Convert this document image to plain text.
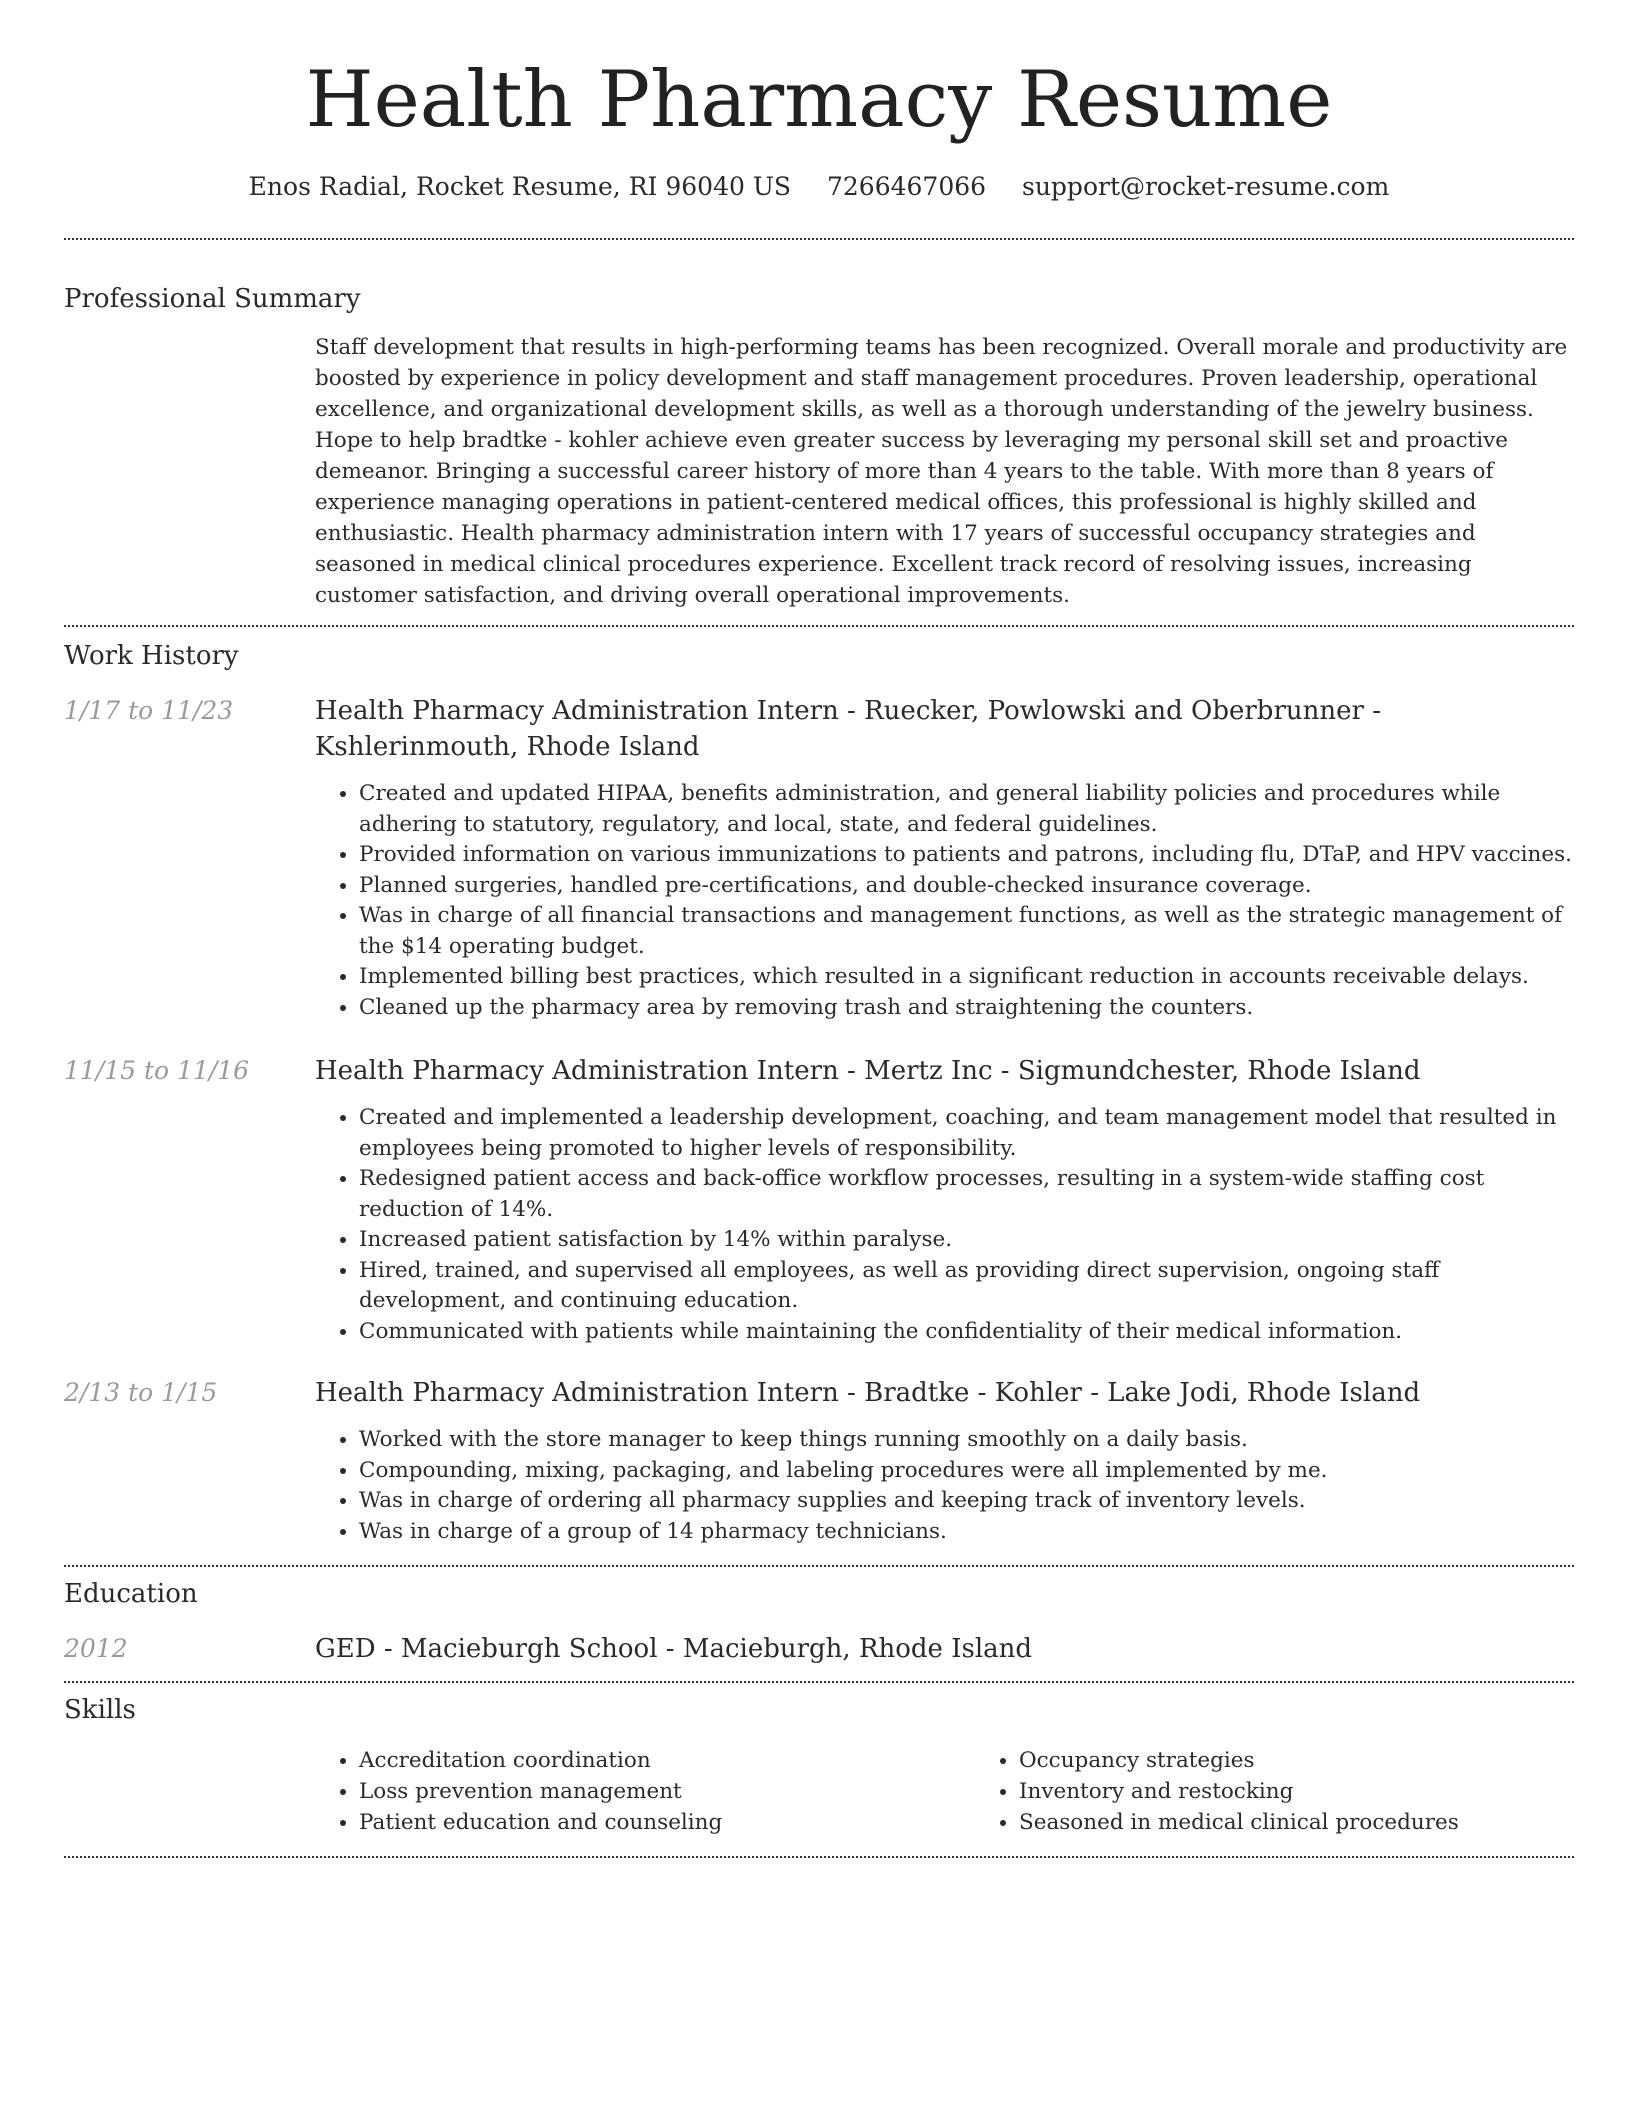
Health Pharmacy Resume
Enos Radial, Rocket Resume, RI 96040 US 7266467066 support@rocket-resume.com
Professional Summary

Staff development that results in high-performing teams has been recognized. Overall morale and productivity are boosted by experience in policy development and staff management procedures. Proven leadership, operational excellence, and organizational development skills, as well as a thorough understanding of the jewelry business. Hope to help bradtke - kohler achieve even greater success by leveraging my personal skill set and proactive demeanor. Bringing a successful career history of more than 4 years to the table. With more than 8 years of experience managing operations in patient-centered medical offices, this professional is highly skilled and enthusiastic. Health pharmacy administration intern with 17 years of successful occupancy strategies and seasoned in medical clinical procedures experience. Excellent track record of resolving issues, increasing customer satisfaction, and driving overall operational improvements.

Work History
1/17 to 11/23	Health Pharmacy Administration Intern - Ruecker, Powlowski and Oberbrunner - Kshlerinmouth, Rhode Island
• Created and updated HIPAA, benefits administration, and general liability policies and procedures while adhering to statutory, regulatory, and local, state, and federal guidelines.
• Provided information on various immunizations to patients and patrons, including flu, DTaP, and HPV vaccines.
• Planned surgeries, handled pre-certifications, and double-checked insurance coverage.
• Was in charge of all financial transactions and management functions, as well as the strategic management of the $14 operating budget.
• Implemented billing best practices, which resulted in a significant reduction in accounts receivable delays.
• Cleaned up the pharmacy area by removing trash and straightening the counters.
11/15 to 11/16	Health Pharmacy Administration Intern - Mertz Inc - Sigmundchester, Rhode Island
• Created and implemented a leadership development, coaching, and team management model that resulted in employees being promoted to higher levels of responsibility.
• Redesigned patient access and back-office workflow processes, resulting in a system-wide staffing cost reduction of 14%.
• Increased patient satisfaction by 14% within paralyse.
• Hired, trained, and supervised all employees, as well as providing direct supervision, ongoing staff development, and continuing education.
• Communicated with patients while maintaining the confidentiality of their medical information.
2/13 to 1/15	Health Pharmacy Administration Intern - Bradtke - Kohler - Lake Jodi, Rhode Island
• Worked with the store manager to keep things running smoothly on a daily basis.
• Compounding, mixing, packaging, and labeling procedures were all implemented by me.
• Was in charge of ordering all pharmacy supplies and keeping track of inventory levels.
• Was in charge of a group of 14 pharmacy technicians.
Education
2012	GED - Macieburgh School - Macieburgh, Rhode Island
Skills
• Accreditation coordination
• Loss prevention management
• Patient education and counseling
• Occupancy strategies
• Inventory and restocking
• Seasoned in medical clinical procedures
